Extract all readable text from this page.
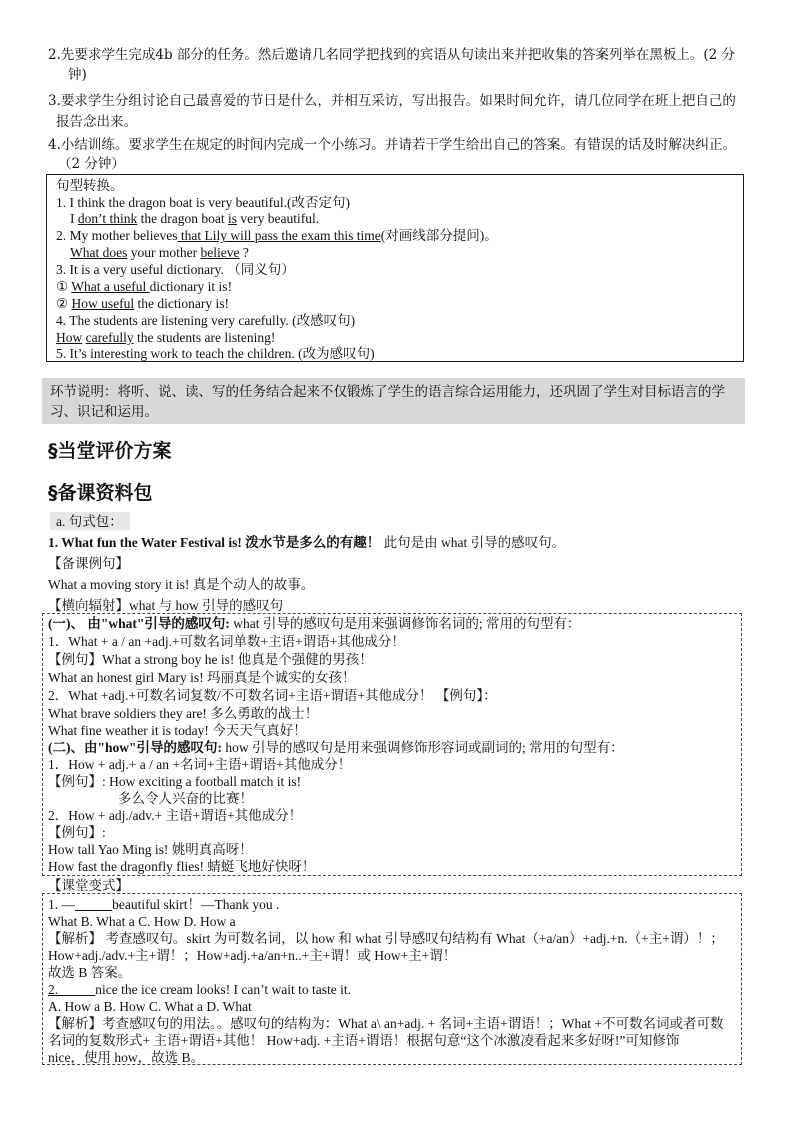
2.先要求学生完成4b 部分的任务。然后邀请几名同学把找到的宾语从句读出来并把收集的答案列举在黑板上。(2 分
钟)
3.要求学生分组讨论自己最喜爱的节日是什么，并相互采访，写出报告。如果时间允许，请几位同学在班上把自己的
报告念出来。
4.小结训练。要求学生在规定的时间内完成一个小练习。并请若干学生给出自己的答案。有错误的话及时解决纠正。
（2 分钟）
句型转换。
1. I think the dragon boat is very beautiful.(改否定句)
I don’t think the dragon boat is very beautiful.
2. My mother believes that Lily will pass the exam this time(对画线部分提问)。
What does your mother believe ?
3. It is a very useful dictionary. （同义句）
① What a useful dictionary it is!
② How useful the dictionary is!
4. The students are listening very carefully. (改感叹句)
How carefully the students are listening!
5. It’s interesting work to teach the children. (改为感叹句)
环节说明：将听、说、读、写的任务结合起来不仅锻炼了学生的语言综合运用能力，还巩固了学生对目标语言的学习、识记和运用。
§当堂评价方案
§备课资料包
a. 句式包：
1. What fun the Water Festival is! 泼水节是多么的有趣！ 此句是由 what 引导的感叹句。
【备课例句】
What a moving story it is! 真是个动人的故事。
【横向辐射】what 与 how 引导的感叹句
(一)、 由"what"引导的感叹句: what 引导的感叹句是用来强调修饰名词的; 常用的句型有：
1．What + a / an +adj.+可数名词单数+主语+谓语+其他成分！
【例句】What a strong boy he is! 他真是个强健的男孩！
What an honest girl Mary is! 玛丽真是个诚实的女孩！
2．What +adj.+可数名词复数/不可数名词+主语+谓语+其他成分！ 【例句】：
What brave soldiers they are! 多么勇敢的战士！
What fine weather it is today! 今天天气真好！
(二)、由"how"引导的感叹句: how 引导的感叹句是用来强调修饰形容词或副词的; 常用的句型有：
1．How + adj.+ a / an +名词+主语+谓语+其他成分！
【例句】: How exciting a football match it is!
多么令人兴奋的比赛！
2．How + adj./adv.+ 主语+谓语+其他成分！
【例句】:
How tall Yao Ming is! 姚明真高呀！
How fast the dragonfly flies! 蜻蜓飞地好快呀！
【课堂变式】
1. —	beautiful skirt！—Thank you .
What B. What a C. How D. How a
【解析】 考查感叹句。skirt 为可数名词，以 how 和 what 引导感叹句结构有 What（+a/an）+adj.+n.（+主+谓）！；
How+adj./adv.+主+谓！；How+adj.+a/an+n..+主+谓！或 How+主+谓！
故选 B 答案。
2.           nice the ice cream looks! I can’t wait to taste it.
A. How a B. How C. What a D. What
【解析】考查感叹句的用法。。感叹句的结构为：What a\ an+adj. + 名词+主语+谓语！；What +不可数名词或者可数
名词的复数形式+ 主语+谓语+其他！ How+adj. +主语+谓语！根据句意“这个冰激凌看起来多好呀!”可知修饰
nice，使用 how，故选 B。
